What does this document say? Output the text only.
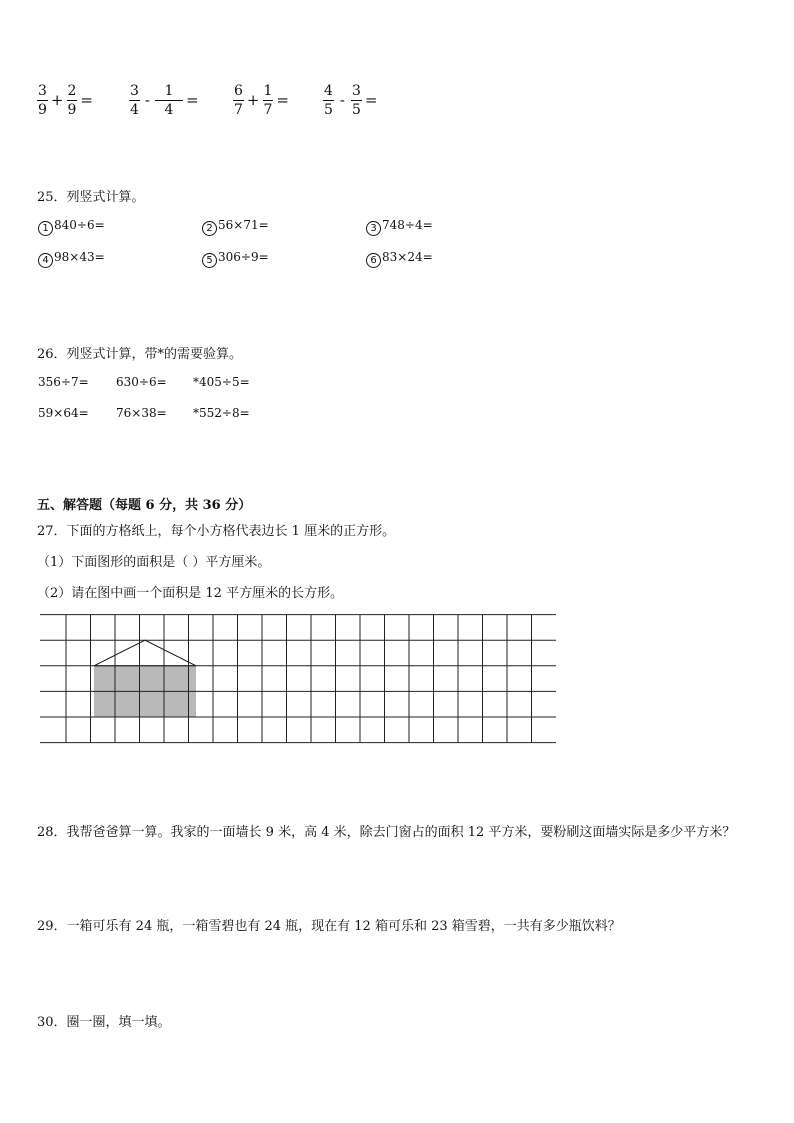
$\frac{3}{9} + \frac{2}{9}$ =	$\frac{3}{4} - \frac{1}{4} = \frac{6}{7} + \frac{1}{7} = \frac{4}{5} - \frac{3}{5}$ =
25．列竖式计算。
1 840÷6=	2 56×71=	3 748÷4=
4 98×43=	5 306÷9=	6 83×24=
26．列竖式计算，带*的需要验算。
356÷7= 630÷6= *405÷5=
59×64= 76×38= *552÷8=
五、解答题（每题 6 分，共 36 分）
27．下面的方格纸上，每个小方格代表边长 1 厘米的正方形。
（1）下面图形的面积是（ ）平方厘米。
（2）请在图中画一个面积是 12 平方厘米的长方形。
28．我帮爸爸算一算。我家的一面墙长 9 米，高 4 米，除去门窗占的面积 12 平方米，要粉刷这面墙实际是多少平方米？
29．一箱可乐有 24 瓶，一箱雪碧也有 24 瓶，现在有 12 箱可乐和 23 箱雪碧，一共有多少瓶饮料？
30．圈一圈，填一填。
